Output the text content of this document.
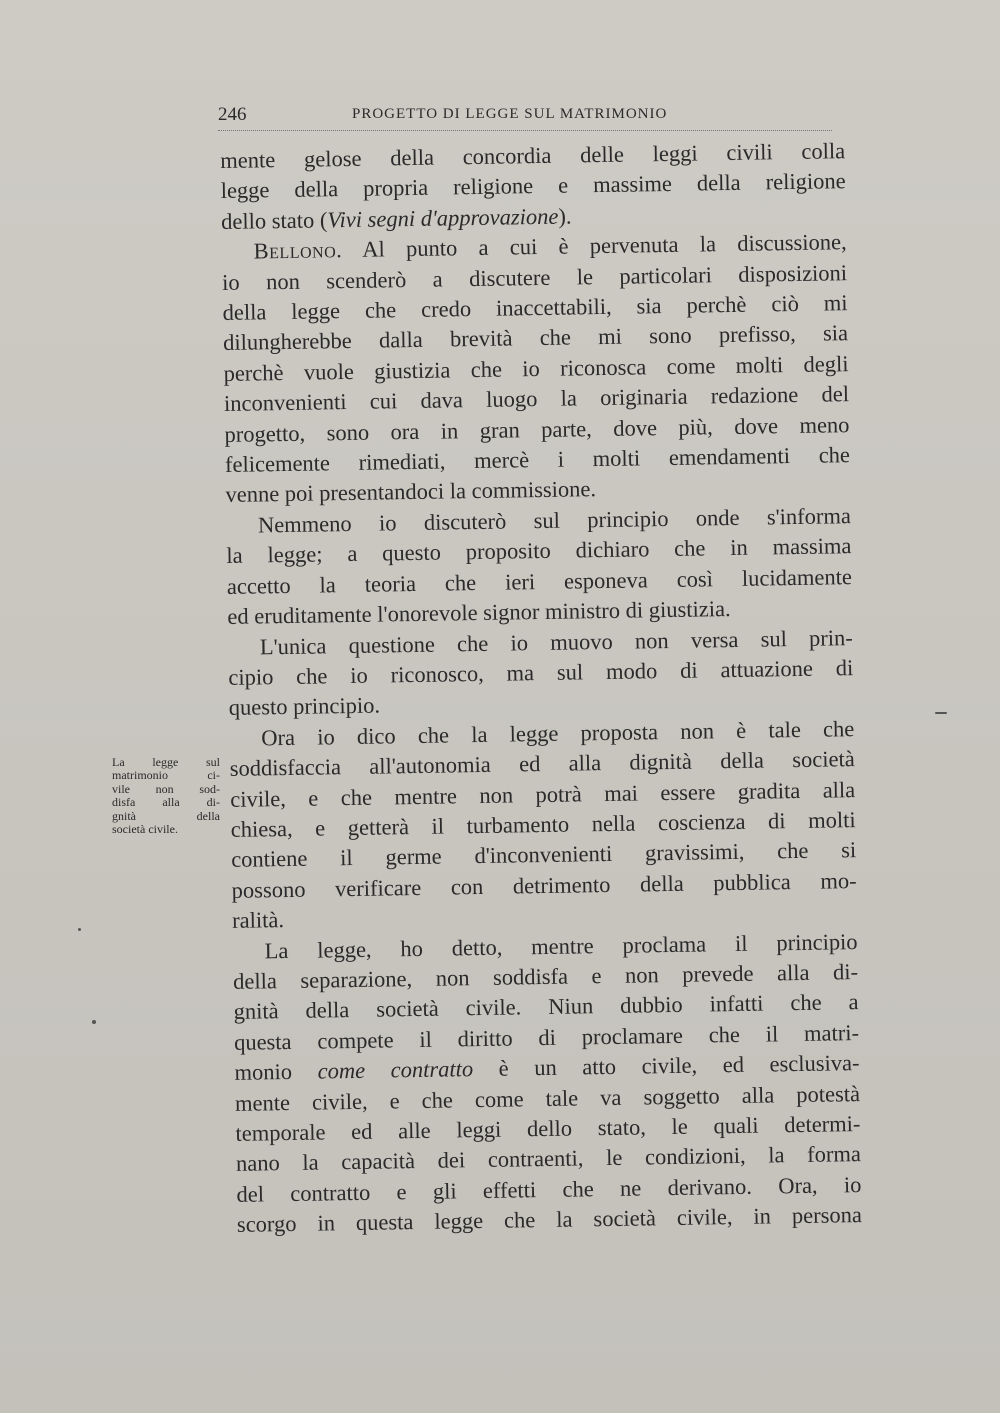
246	PROGETTO DI LEGGE SUL MATRIMONIO
La legge sul
matrimonio ci-
vile non sod-
disfa alla di-
gnità della
società civile.
mente gelose della concordia delle leggi civili colla
legge della propria religione e massime della religione
dello stato (Vivi segni d'approvazione).
Bellono. Al punto a cui è pervenuta la discussione,
io non scenderò a discutere le particolari disposizioni
della legge che credo inaccettabili, sia perchè ciò mi
dilungherebbe dalla brevità che mi sono prefisso, sia
perchè vuole giustizia che io riconosca come molti degli
inconvenienti cui dava luogo la originaria redazione del
progetto, sono ora in gran parte, dove più, dove meno
felicemente rimediati, mercè i molti emendamenti che
venne poi presentandoci la commissione.
Nemmeno io discuterò sul principio onde s'informa
la legge; a questo proposito dichiaro che in massima
accetto la teoria che ieri esponeva così lucidamente
ed eruditamente l'onorevole signor ministro di giustizia.
L'unica questione che io muovo non versa sul prin-
cipio che io riconosco, ma sul modo di attuazione di
questo principio.
Ora io dico che la legge proposta non è tale che
soddisfaccia all'autonomia ed alla dignità della società
civile, e che mentre non potrà mai essere gradita alla
chiesa, e getterà il turbamento nella coscienza di molti
contiene il germe d'inconvenienti gravissimi, che si
possono verificare con detrimento della pubblica mo-
ralità.
La legge, ho detto, mentre proclama il principio
della separazione, non soddisfa e non prevede alla di-
gnità della società civile. Niun dubbio infatti che a
questa compete il diritto di proclamare che il matri-
monio come contratto è un atto civile, ed esclusiva-
mente civile, e che come tale va soggetto alla potestà
temporale ed alle leggi dello stato, le quali determi-
nano la capacità dei contraenti, le condizioni, la forma
del contratto e gli effetti che ne derivano. Ora, io
scorgo in questa legge che la società civile, in persona
